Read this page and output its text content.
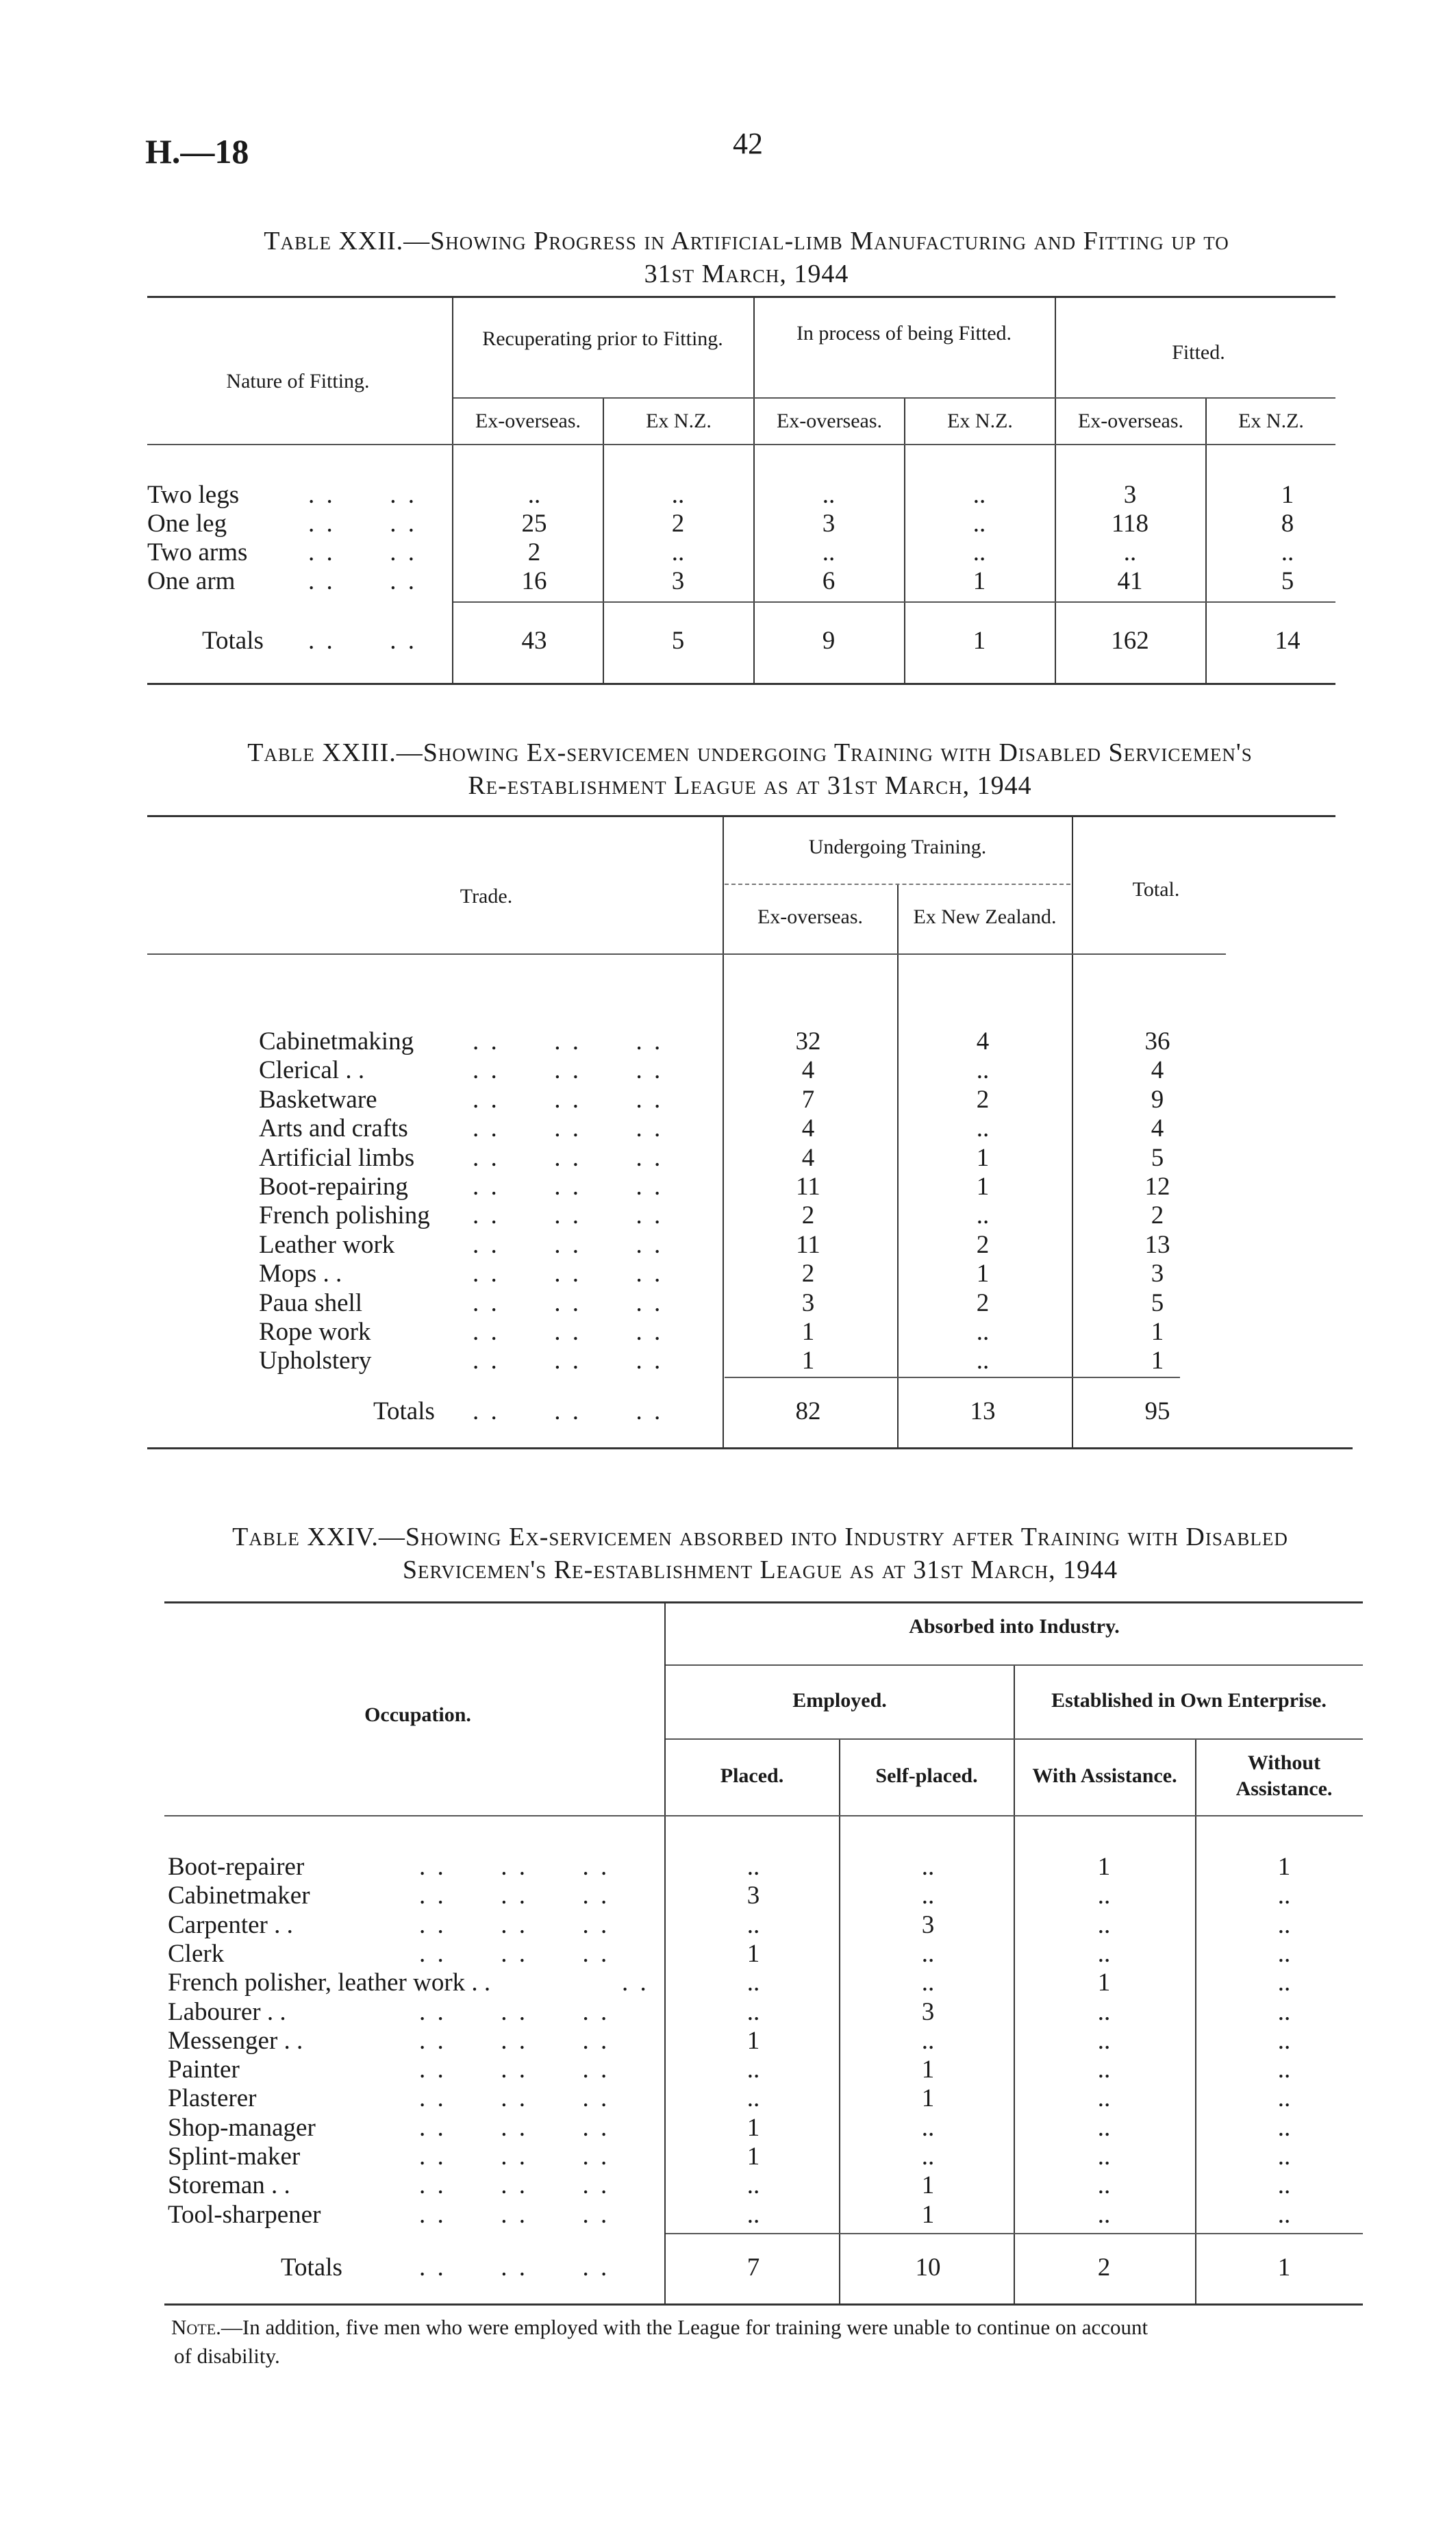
H.—18	42
Table XXII.—Showing Progress in Artificial-limb Manufacturing and Fitting up to
31st March, 1944
Nature of Fitting.
Recuperating prior to Fitting.	In process of being Fitted.
Fitted.
Ex-overseas.	Ex N.Z.	Ex-overseas.	Ex N.Z.	Ex-overseas.	Ex N.Z.
Two legs	. .      . .	..	..	..	..	3	1
One leg	. .      . .	25	2	3	..	118	8
Two arms . .      . .	2	..	..	..	..	..
One arm	. .      . .	16	3	6	1	41	5
Totals . .      . .	43	5	9	1	162	14
Table XXIII.—Showing Ex-servicemen undergoing Training with Disabled Servicemen's
Re-establishment League as at 31st March, 1944
Trade.
Undergoing Training.
Ex-overseas.	Ex New Zealand.
Total.
Cabinetmaking . .      . .      . .	32	4	36
Clerical . .	. .      . .      . .	4	..	4
Basketware	. .      . .      . .	7	2	9
Arts and crafts	. .      . .      . .	4	..	4
Artificial limbs . .      . .      . .	4	1	5
Boot-repairing	. .      . .      . .	11	1	12
French polishing . .      . .      . .	2	..	2
Leather work	. .      . .      . .	11	2	13
Mops . .	. .      . .      . .	2	1	3
Paua shell	. .      . .      . .	3	2	5
Rope work	. .      . .      . .	1	..	1
Upholstery	. .      . .      . .	1	..	1
Totals . .      . .      . .	82	13	95
Table XXIV.—Showing Ex-servicemen absorbed into Industry after Training with Disabled
Servicemen's Re-establishment League as at 31st March, 1944
Occupation.
Absorbed into Industry.
Employed.	Established in Own Enterprise.
Placed.	Self-placed.	With Assistance.
Without Assistance.
Boot-repairer	. .      . .      . .	..	..	1	1
Cabinetmaker	. .      . .      . .	3	..	..	..
Carpenter . .	. .      . .      . .	..	3	..	..
Clerk	. .      . .      . .	1	..	..	..
French polisher, leather work . .	. .	..	..	1	..
Labourer . .	. .      . .      . .	..	3	..	..
Messenger . .	. .      . .      . .	1	..	..	..
Painter	. .      . .      . .	..	1	..	..
Plasterer	. .      . .      . .	..	1	..	..
Shop-manager	. .      . .      . .	1	..	..	..
Splint-maker	. .      . .      . .	1	..	..	..
Storeman . .	. .      . .      . .	..	1	..	..
Tool-sharpener	. .      . .      . .	..	1	..	..
Totals	. .      . .      . .	7	10	2	1
Note.—In addition, five men who were employed with the League for training were unable to continue on account
of disability.
